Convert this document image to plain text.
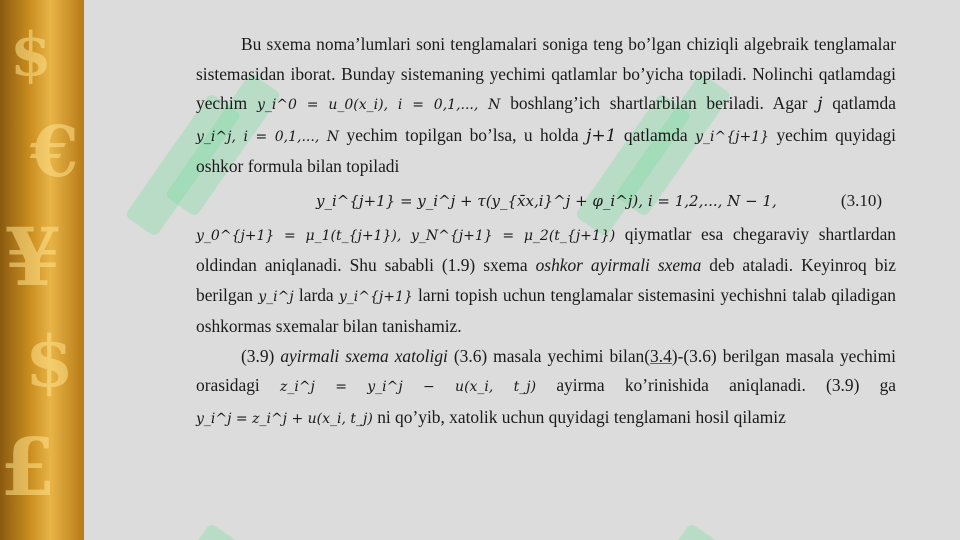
$
€
¥
$
£

Bu sxema noma’lumlari soni tenglamalari soniga teng bo’lgan chiziqli algebraik tenglamalar sistemasidan iborat. Bunday sistemaning yechimi qatlamlar bo’yicha topiladi. Nolinchi qatlamdagi yechim y_i^0 = u_0(x_i), i = 0,1,..., N boshlang’ich shartlarbilan beriladi. Agar j qatlamda y_i^j, i = 0,1,..., N yechim topilgan bo’lsa, u holda j+1 qatlamda y_i^{j+1} yechim quyidagi oshkor formula bilan topiladi

y_i^{j+1} = y_i^j + τ(y_{x̄x,i}^j + φ_i^j), i = 1,2,..., N − 1,	(3.10)

y_0^{j+1} = μ_1(t_{j+1}), y_N^{j+1} = μ_2(t_{j+1}) qiymatlar esa chegaraviy shartlardan oldindan aniqlanadi. Shu sababli (1.9) sxema oshkor ayirmali sxema deb ataladi. Keyinroq biz berilgan y_i^j larda y_i^{j+1} larni topish uchun tenglamalar sistemasini yechishni talab qiladigan oshkormas sxemalar bilan tanishamiz.

(3.9) ayirmali sxema xatoligi (3.6) masala yechimi bilan(3.4)-(3.6) berilgan masala yechimi orasidagi z_i^j = y_i^j − u(x_i, t_j) ayirma ko’rinishida aniqlanadi. (3.9) ga y_i^j = z_i^j + u(x_i, t_j) ni qo’yib, xatolik uchun quyidagi tenglamani hosil qilamiz
